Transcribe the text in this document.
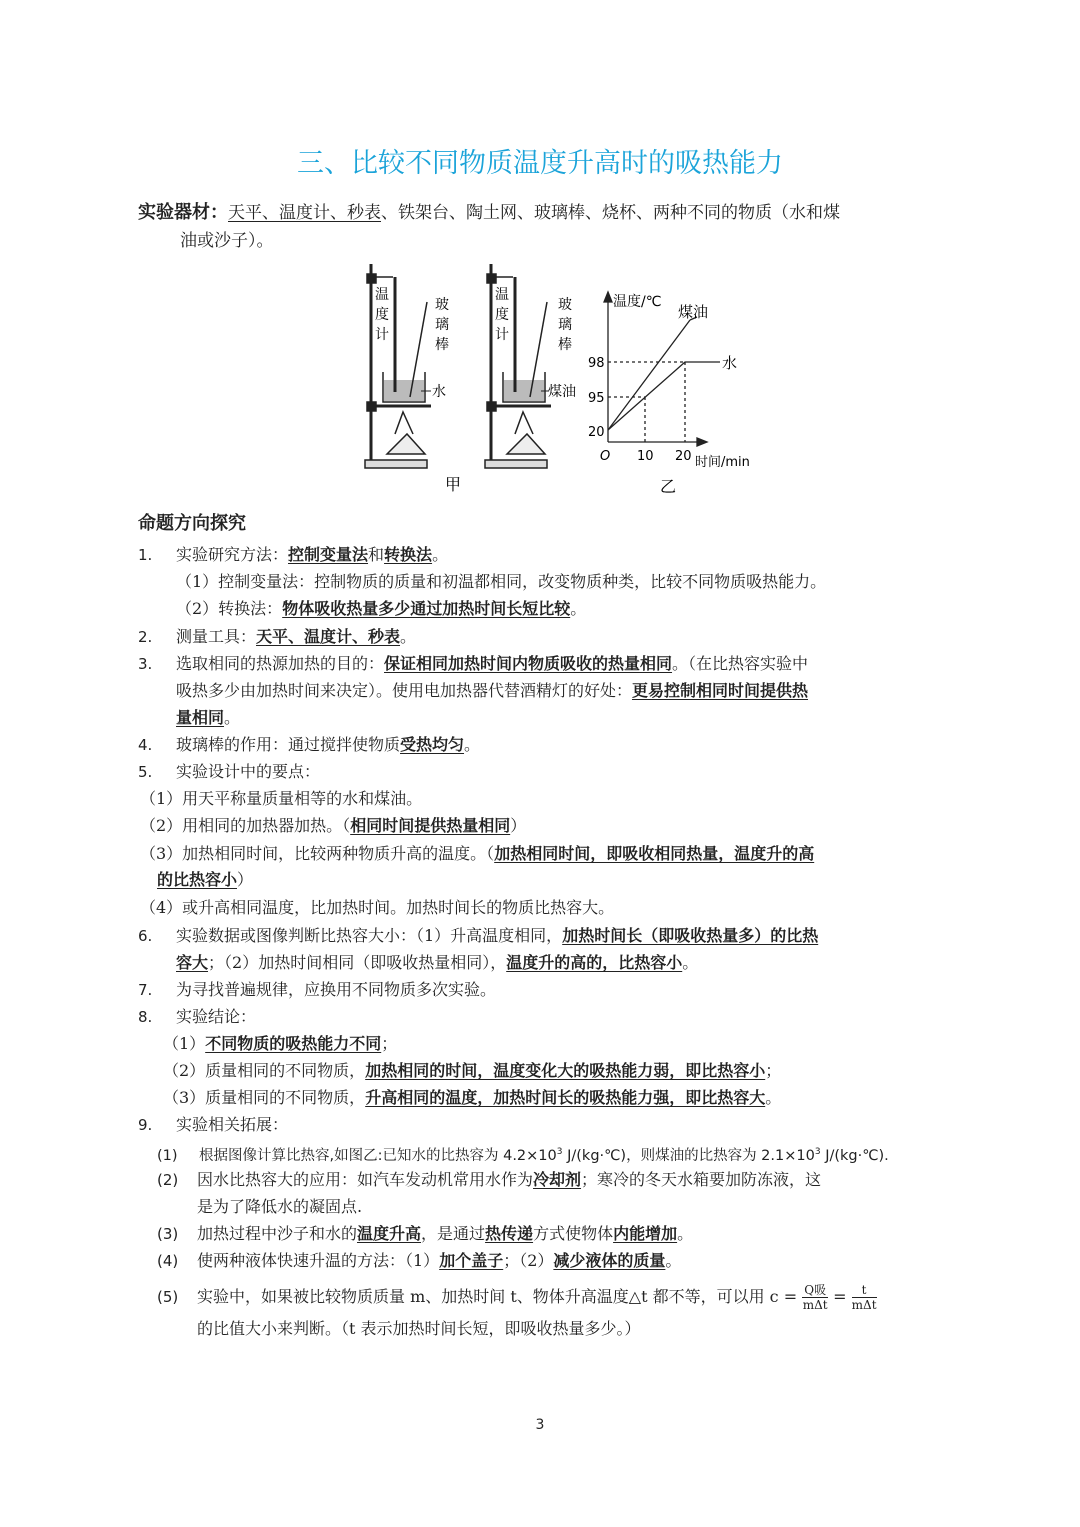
三、比较不同物质温度升高时的吸热能力
实验器材：天平、温度计、秒表、铁架台、陶土网、玻璃棒、烧杯、两种不同的物质（水和煤
油或沙子）。
温
度
计
玻
璃
棒
水
甲
温
度
计
玻
璃
棒
煤油
温度/℃
煤油
水
98
95
20
O 10 20 时间/min
乙
命题方向探究
1. 实验研究方法：控制变量法和转换法。
（1）控制变量法：控制物质的质量和初温都相同，改变物质种类，比较不同物质吸热能力。
（2）转换法：物体吸收热量多少通过加热时间长短比较。
2. 测量工具：天平、温度计、秒表。
3. 选取相同的热源加热的目的：保证相同加热时间内物质吸收的热量相同。（在比热容实验中
吸热多少由加热时间来决定）。使用电加热器代替酒精灯的好处：更易控制相同时间提供热
量相同。
4. 玻璃棒的作用：通过搅拌使物质受热均匀。
5. 实验设计中的要点：
（1）用天平称量质量相等的水和煤油。
（2）用相同的加热器加热。（相同时间提供热量相同）
（3）加热相同时间，比较两种物质升高的温度。（加热相同时间，即吸收相同热量，温度升的高
的比热容小）
（4）或升高相同温度，比加热时间。加热时间长的物质比热容大。
6. 实验数据或图像判断比热容大小：（1）升高温度相同，加热时间长（即吸收热量多）的比热
容大；（2）加热时间相同（即吸收热量相同），温度升的高的，比热容小。
7. 为寻找普遍规律，应换用不同物质多次实验。
8. 实验结论：
（1）不同物质的吸热能力不同；
（2）质量相同的不同物质，加热相同的时间，温度变化大的吸热能力弱，即比热容小；
（3）质量相同的不同物质，升高相同的温度，加热时间长的吸热能力强，即比热容大。
9. 实验相关拓展：
(1) 根据图像计算比热容,如图乙:已知水的比热容为 $4.2\times 10^3$ J/(kg·℃)，则煤油的比热容为 $2.1\times 10^3$ J/(kg·℃).
(2) 因水比热容大的应用：如汽车发动机常用水作为冷却剂；寒冷的冬天水箱要加防冻液，这
是为了降低水的凝固点.
(3) 加热过程中沙子和水的温度升高，是通过热传递方式使物体内能增加。
(4) 使两种液体快速升温的方法：（1）加个盖子；（2）减少液体的质量。
(5) 实验中，如果被比较物质质量 m、加热时间 t、物体升高温度△t 都不等，可以用 $c = \frac{\text{Q吸}}{\text{mΔt}} = \frac{t}{\text{mΔt}}$
的比值大小来判断。（t 表示加热时间长短，即吸收热量多少。）
3
